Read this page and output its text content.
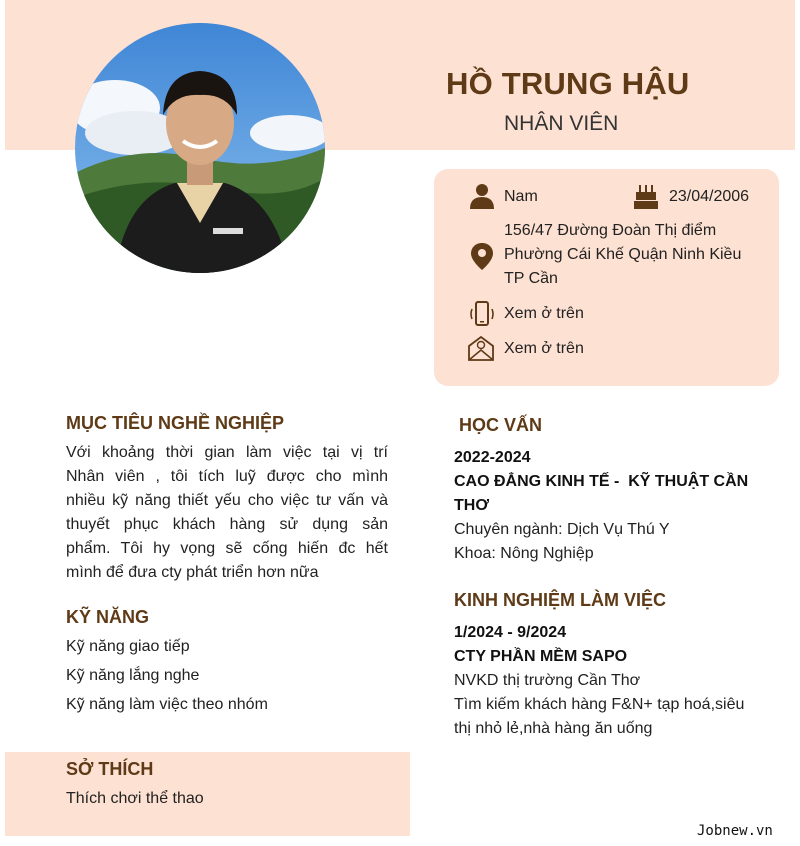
HỒ TRUNG HẬU
NHÂN VIÊN
Nam	23/04/2006
156/47 Đường Đoàn Thị điểm
Phường Cái Khế Quận Ninh Kiều
TP Cần
Xem ở trên
Xem ở trên
MỤC TIÊU NGHỀ NGHIỆP
Với khoảng thời gian làm việc tại vị trí
Nhân viên , tôi tích luỹ được cho mình
nhiều kỹ năng thiết yếu cho việc tư vấn và
thuyết phục khách hàng sử dụng sản
phẩm. Tôi hy vọng sẽ cống hiến đc hết
mình để đưa cty phát triển hơn nữa
KỸ NĂNG
Kỹ năng giao tiếp
Kỹ năng lắng nghe
Kỹ năng làm việc theo nhóm
SỞ THÍCH
Thích chơi thể thao
HỌC VẤN
2022-2024
CAO ĐẲNG KINH TẾ -  KỸ THUẬT CẦN
THƠ
Chuyên ngành: Dịch Vụ Thú Y
Khoa: Nông Nghiệp
KINH NGHIỆM LÀM VIỆC
1/2024 - 9/2024
CTY PHẦN MỀM SAPO
NVKD thị trường Cần Thơ
Tìm kiếm khách hàng F&N+ tạp hoá,siêu
thị nhỏ lẻ,nhà hàng ăn uống
Jobnew.vn
